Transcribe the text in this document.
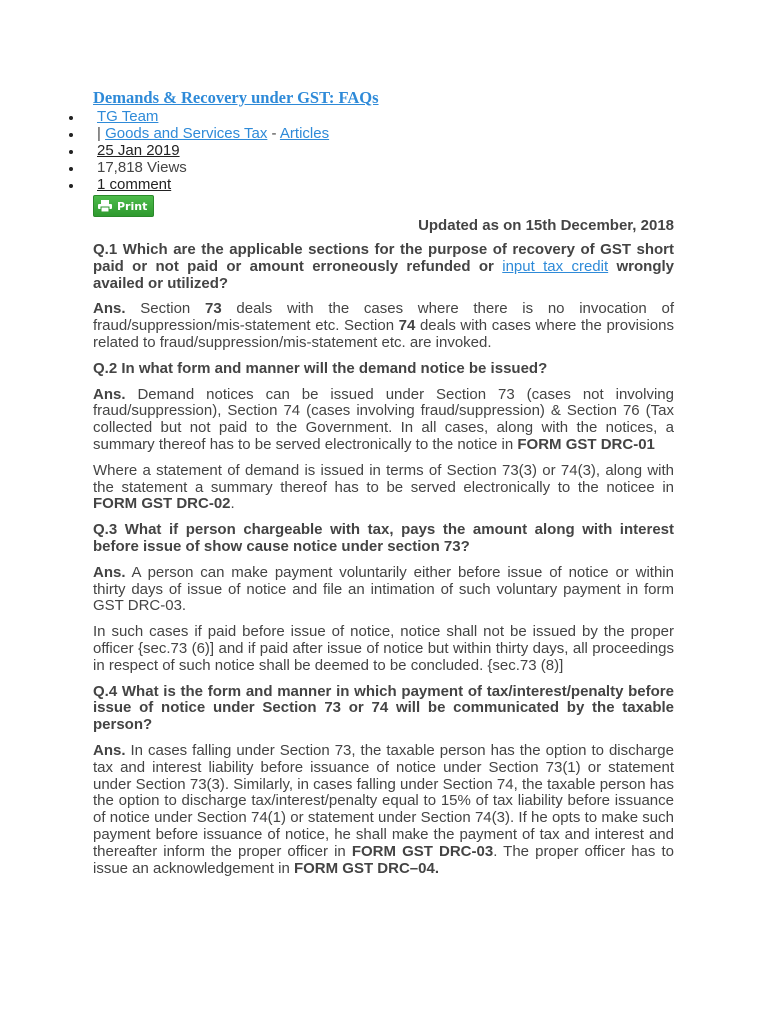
Demands & Recovery under GST: FAQs
TG Team
| Goods and Services Tax - Articles
25 Jan 2019
17,818 Views
1 comment
Print
Updated as on 15th December, 2018

Q.1 Which are the applicable sections for the purpose of recovery of GST short paid or not paid or amount erroneously refunded or input tax credit wrongly availed or utilized?

Ans. Section 73 deals with the cases where there is no invocation of fraud/suppression/mis-statement etc. Section 74 deals with cases where the provisions related to fraud/suppression/mis-statement etc. are invoked.

Q.2 In what form and manner will the demand notice be issued?

Ans. Demand notices can be issued under Section 73 (cases not involving fraud/suppression), Section 74 (cases involving fraud/suppression) & Section 76 (Tax collected but not paid to the Government. In all cases, along with the notices, a summary thereof has to be served electronically to the notice in FORM GST DRC-01

Where a statement of demand is issued in terms of Section 73(3) or 74(3), along with the statement a summary thereof has to be served electronically to the noticee in FORM GST DRC-02.

Q.3 What if person chargeable with tax, pays the amount along with interest before issue of show cause notice under section 73?

Ans. A person can make payment voluntarily either before issue of notice or within thirty days of issue of notice and file an intimation of such voluntary payment in form GST DRC-03.

In such cases if paid before issue of notice, notice shall not be issued by the proper officer {sec.73 (6)] and if paid after issue of notice but within thirty days, all proceedings in respect of such notice shall be deemed to be concluded. {sec.73 (8)]

Q.4 What is the form and manner in which payment of tax/interest/penalty before issue of notice under Section 73 or 74 will be communicated by the taxable person?

Ans. In cases falling under Section 73, the taxable person has the option to discharge tax and interest liability before issuance of notice under Section 73(1) or statement under Section 73(3). Similarly, in cases falling under Section 74, the taxable person has the option to discharge tax/interest/penalty equal to 15% of tax liability before issuance of notice under Section 74(1) or statement under Section 74(3). If he opts to make such payment before issuance of notice, he shall make the payment of tax and interest and thereafter inform the proper officer in FORM GST DRC-03. The proper officer has to issue an acknowledgement in FORM GST DRC–04.
